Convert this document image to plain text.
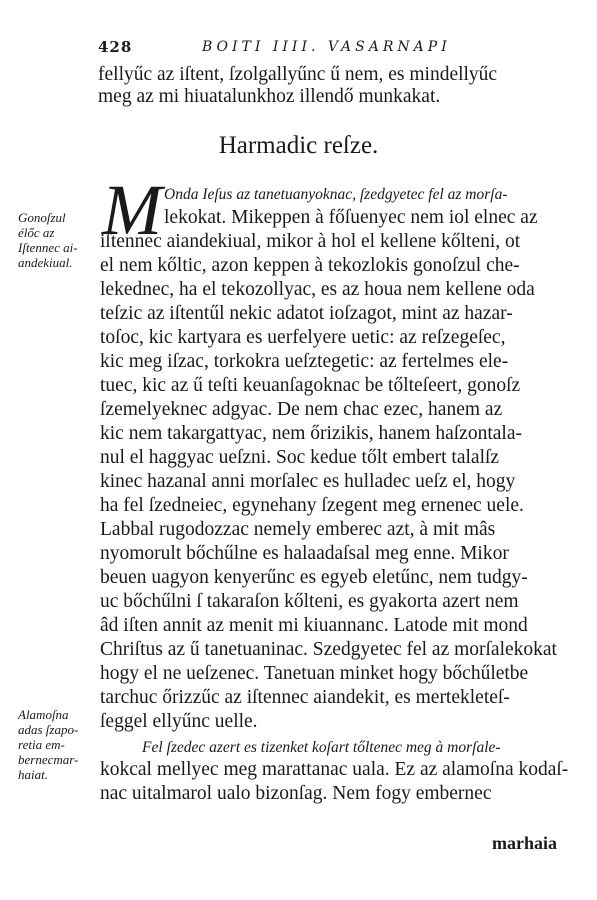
428	BOITI IIII. VASARNAPI
fellyűc az iſtent, ſzolgallyűnc ű nem, es mindellyűc
meg az mi hiuatalunkhoz illendő munkakat.
Harmadic reſze.
M Onda Ieſus az tanetuanyoknac, ſzedgyetec fel az morſa-
lekokat. Mikeppen à főſuenyec nem iol elnec az
iſtennec aiandekiual, mikor à hol el kellene kőlteni, ot
el nem kőltic, azon keppen à tekozlokis gonoſzul che-
lekednec, ha el tekozollyac, es az houa nem kellene oda
teſzic az iſtentűl nekic adatot ioſzagot, mint az hazar-
toſoc, kic kartyara es uerfelyere uetic: az reſzegeſec,
kic meg iſzac, torkokra ueſztegetic: az fertelmes ele-
tuec, kic az ű teſti keuanſagoknac be tőlteſeert, gonoſz
ſzemelyeknec adgyac. De nem chac ezec, hanem az
kic nem takargattyac, nem őrizikis, hanem haſzontala-
nul el haggyac ueſzni. Soc kedue tőlt embert talalſz
kinec hazanal anni morſalec es hulladec ueſz el, hogy
ha fel ſzedneiec, egynehany ſzegent meg ernenec uele.
Labbal rugodozzac nemely emberec azt, à mit mâs
nyomorult bőchűlne es halaadaſsal meg enne. Mikor
beuen uagyon kenyerűnc es egyeb eletűnc, nem tudgy-
uc bőchűlni ſ takaraſon kőlteni, es gyakorta azert nem
âd iſten annit az menit mi kiuannanc. Latode mit mond
Chriſtus az ű tanetuaninac. Szedgyetec fel az morſalekokat
hogy el ne ueſzenec. Tanetuan minket hogy bőchűletbe
tarchuc őrizzűc az iſtennec aiandekit, es mertekleteſ-
ſeggel ellyűnc uelle.
Fel ſzedec azert es tizenket koſart tőltenec meg à morſale-
kokcal mellyec meg marattanac uala. Ez az alamoſna kodaſ-
nac uitalmarol ualo bizonſag. Nem fogy embernec
Gonoſzul
élőc az
Iſtennec ai-
andekiual.
Alamoſna
adas ſzapo-
retia em-
bernecmar-
haiat.
marhaia
